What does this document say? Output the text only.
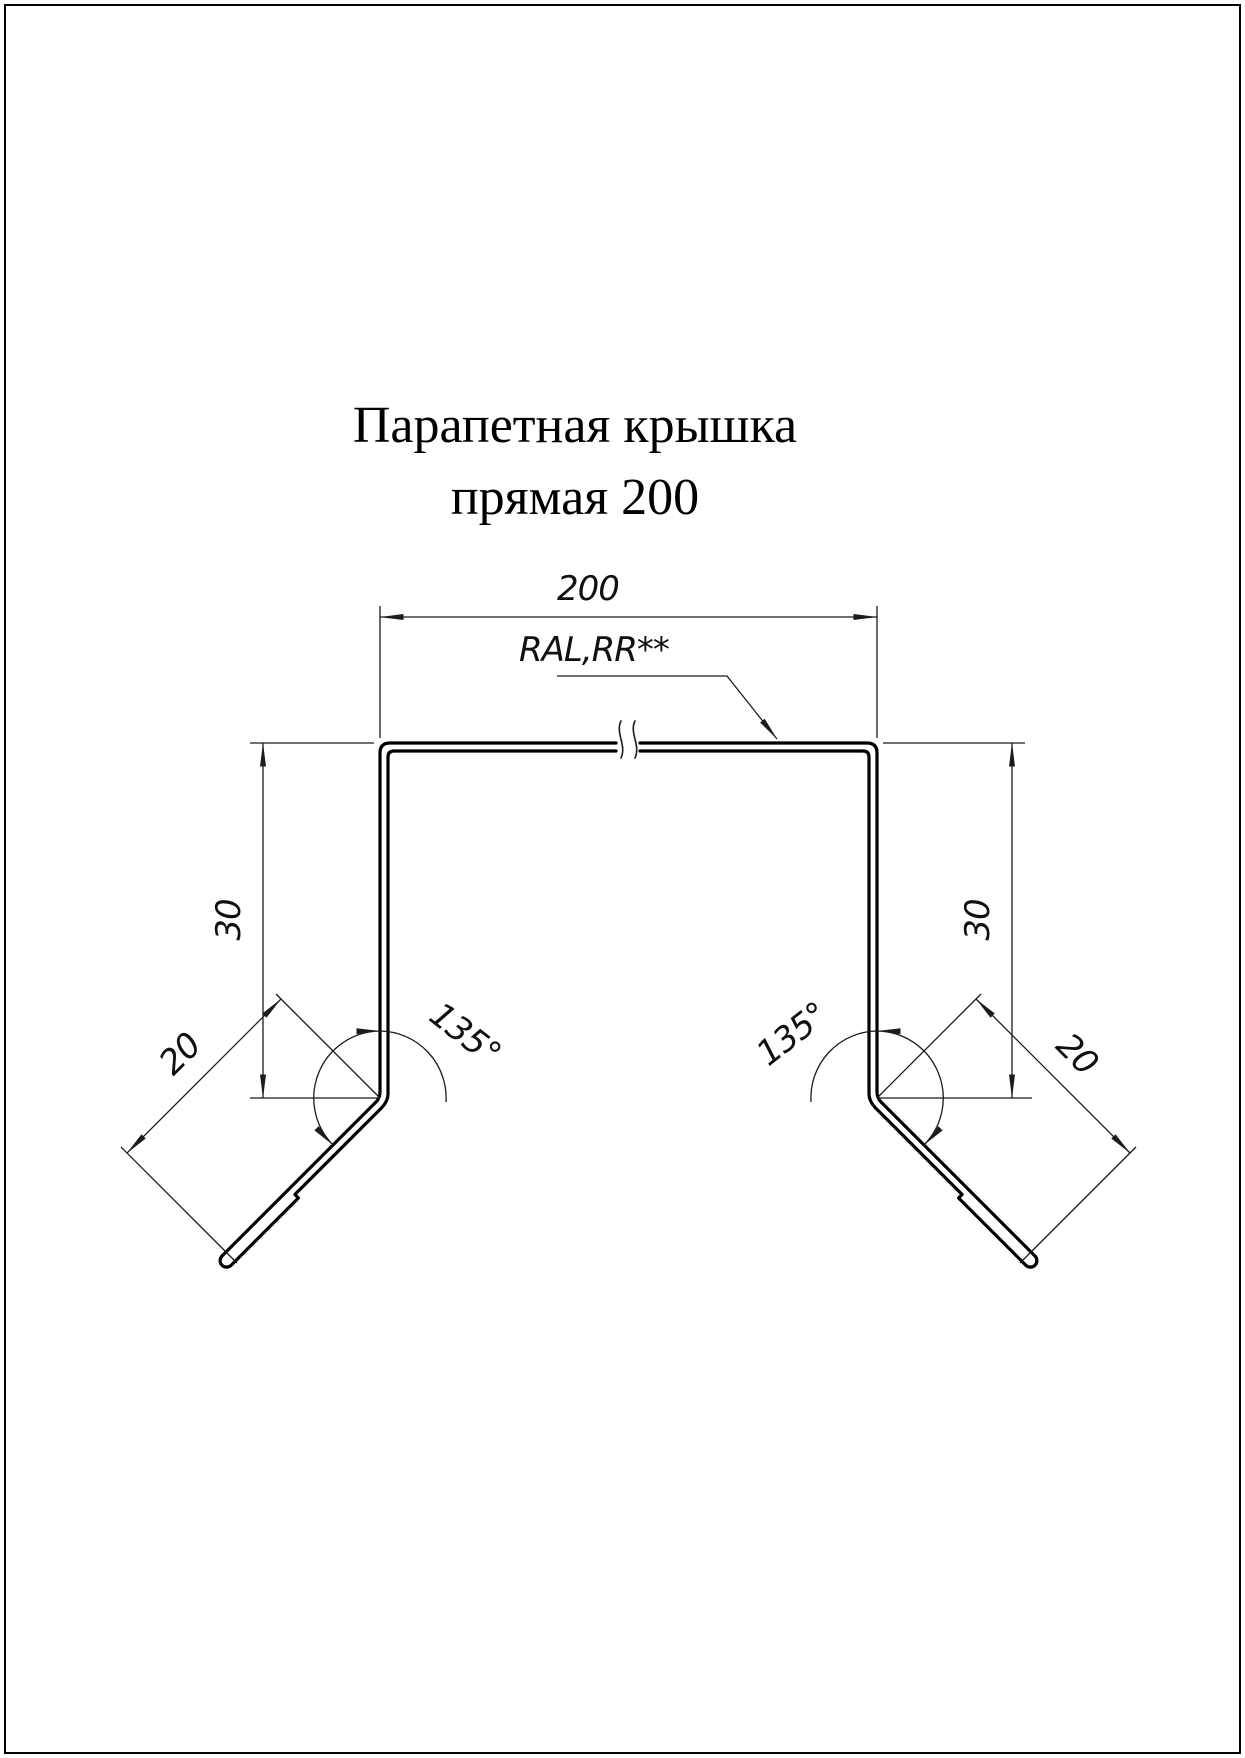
Парапетная крышка
прямая 200
200
RAL,RR**
30	30
20	20
135°	135°
